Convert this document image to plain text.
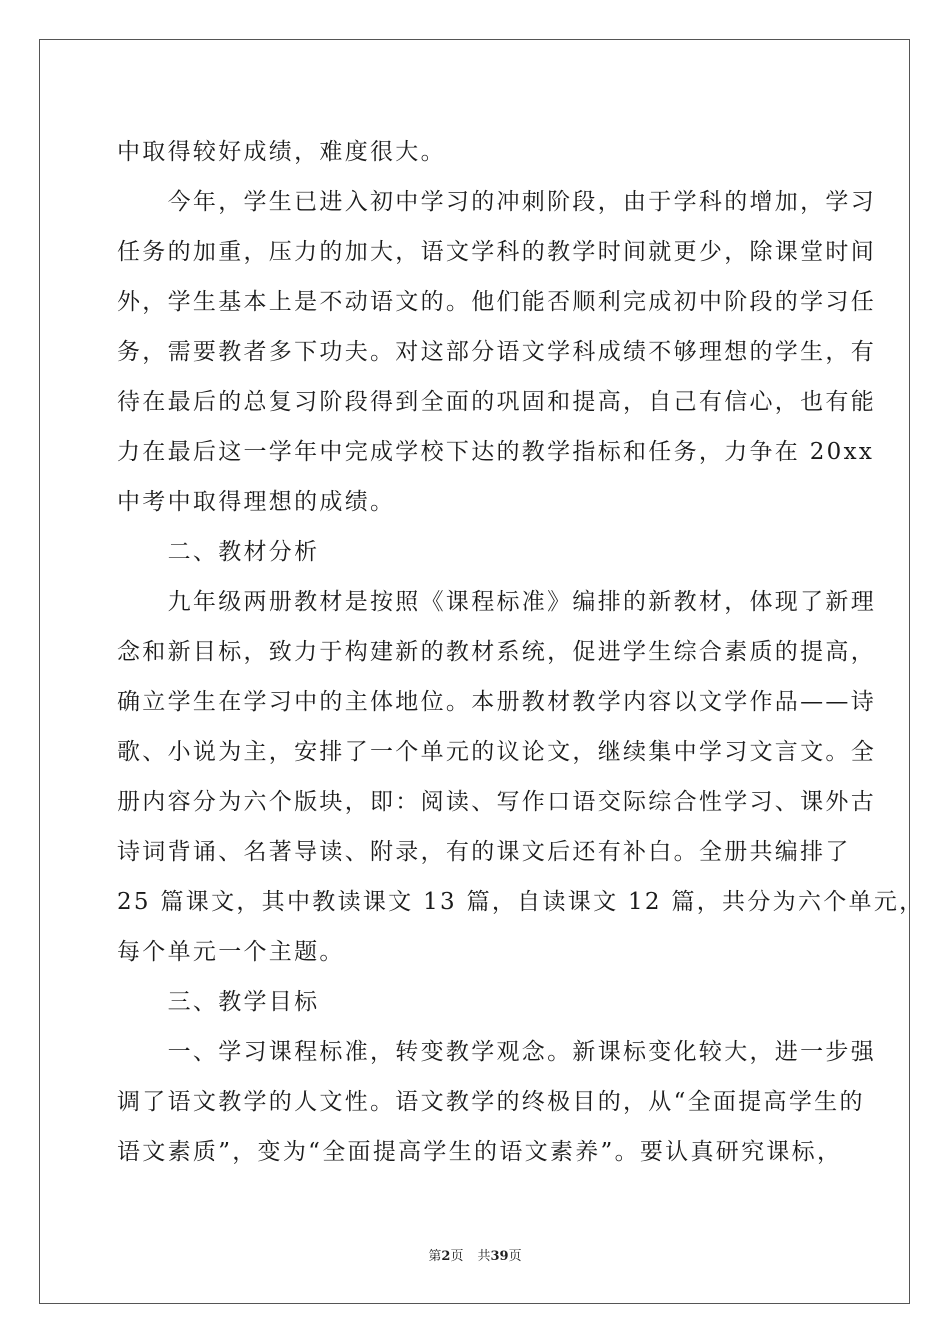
中取得较好成绩，难度很大。
　　今年，学生已进入初中学习的冲刺阶段，由于学科的增加，学习
任务的加重，压力的加大，语文学科的教学时间就更少，除课堂时间
外，学生基本上是不动语文的。他们能否顺利完成初中阶段的学习任
务，需要教者多下功夫。对这部分语文学科成绩不够理想的学生，有
待在最后的总复习阶段得到全面的巩固和提高，自己有信心，也有能
力在最后这一学年中完成学校下达的教学指标和任务，力争在 20xx
中考中取得理想的成绩。
　　二、教材分析
　　九年级两册教材是按照《课程标准》编排的新教材，体现了新理
念和新目标，致力于构建新的教材系统，促进学生综合素质的提高，
确立学生在学习中的主体地位。本册教材教学内容以文学作品——诗
歌、小说为主，安排了一个单元的议论文，继续集中学习文言文。全
册内容分为六个版块，即：阅读、写作口语交际综合性学习、课外古
诗词背诵、名著导读、附录，有的课文后还有补白。全册共编排了
25 篇课文，其中教读课文 13 篇，自读课文 12 篇，共分为六个单元，
每个单元一个主题。
　　三、教学目标
　　一、学习课程标准，转变教学观念。新课标变化较大，进一步强
调了语文教学的人文性。语文教学的终极目的，从“全面提高学生的
语文素质”，变为“全面提高学生的语文素养”。要认真研究课标，
第2页 共39页
